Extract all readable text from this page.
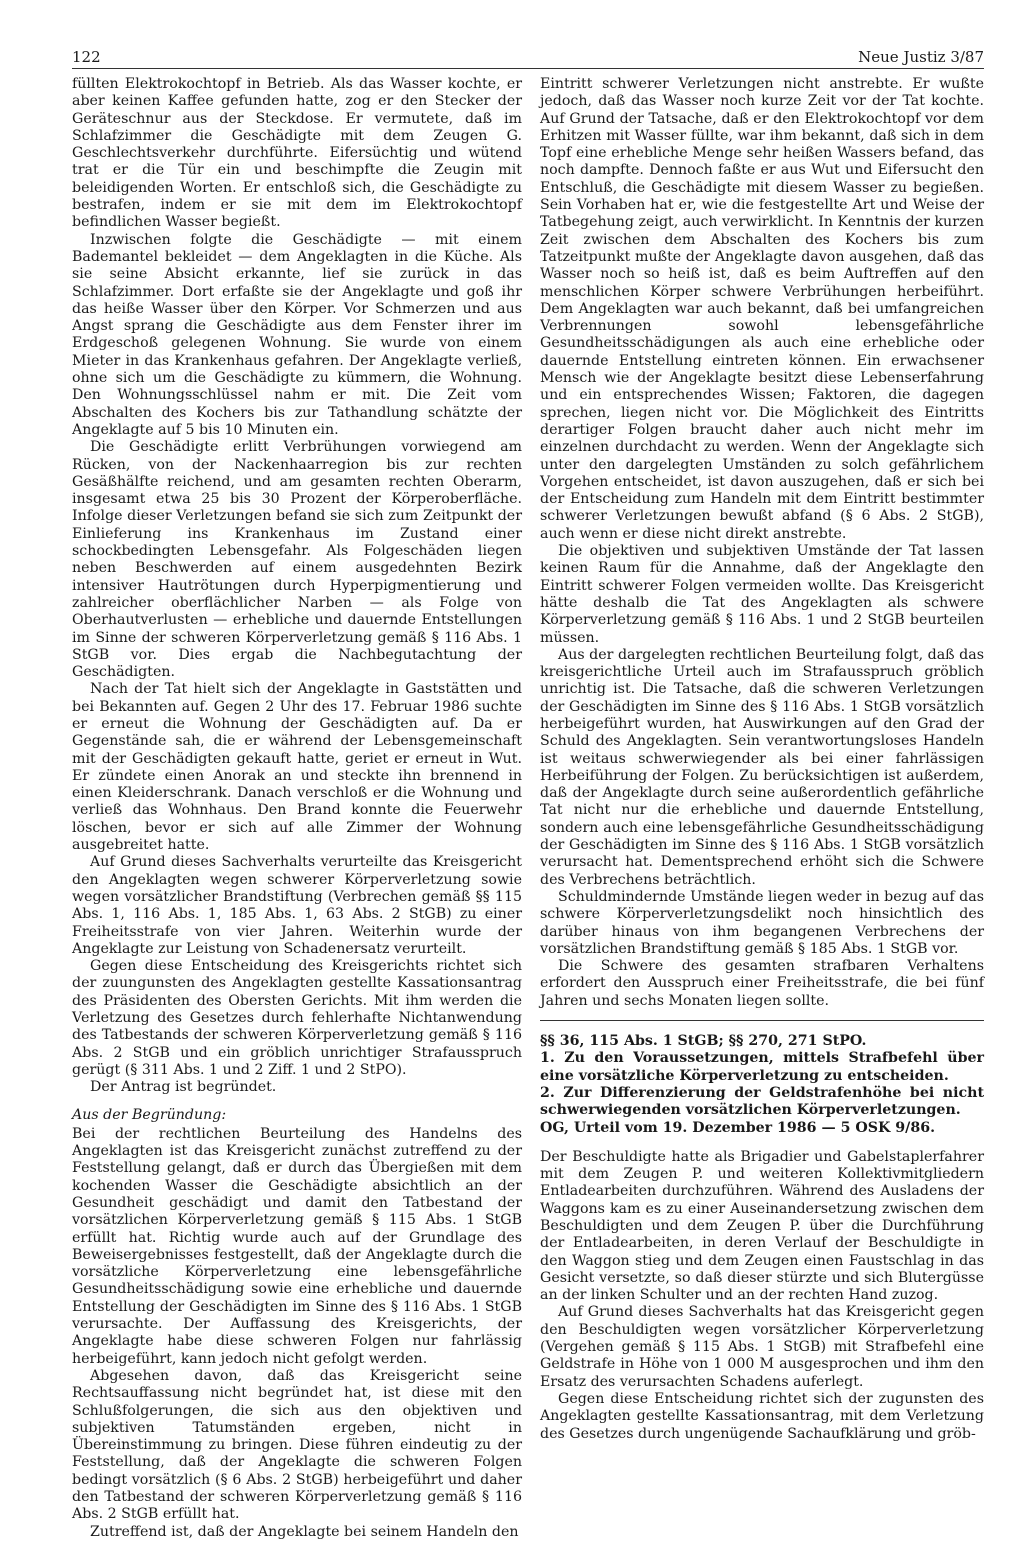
122	Neue Justiz 3/87

füllten Elektrokochtopf in Betrieb. Als das Wasser kochte, er aber keinen Kaffee gefunden hatte, zog er den Stecker der Geräteschnur aus der Steckdose. Er vermutete, daß im Schlafzimmer die Geschädigte mit dem Zeugen G. Geschlechtsverkehr durchführte. Eifersüchtig und wütend trat er die Tür ein und beschimpfte die Zeugin mit beleidigenden Worten. Er entschloß sich, die Geschädigte zu bestrafen, indem er sie mit dem im Elektrokochtopf befindlichen Wasser begießt.

Inzwischen folgte die Geschädigte — mit einem Bademantel bekleidet — dem Angeklagten in die Küche. Als sie seine Absicht erkannte, lief sie zurück in das Schlafzimmer. Dort erfaßte sie der Angeklagte und goß ihr das heiße Wasser über den Körper. Vor Schmerzen und aus Angst sprang die Geschädigte aus dem Fenster ihrer im Erdgeschoß gelegenen Wohnung. Sie wurde von einem Mieter in das Krankenhaus gefahren. Der Angeklagte verließ, ohne sich um die Geschädigte zu kümmern, die Wohnung. Den Wohnungsschlüssel nahm er mit. Die Zeit vom Abschalten des Kochers bis zur Tathandlung schätzte der Angeklagte auf 5 bis 10 Minuten ein.

Die Geschädigte erlitt Verbrühungen vorwiegend am Rücken, von der Nackenhaarregion bis zur rechten Gesäßhälfte reichend, und am gesamten rechten Oberarm, insgesamt etwa 25 bis 30 Prozent der Körperoberfläche. Infolge dieser Verletzungen befand sie sich zum Zeitpunkt der Einlieferung ins Krankenhaus im Zustand einer schockbedingten Lebensgefahr. Als Folgeschäden liegen neben Beschwerden auf einem ausgedehnten Bezirk intensiver Hautrötungen durch Hyperpigmentierung und zahlreicher oberflächlicher Narben — als Folge von Oberhautverlusten — erhebliche und dauernde Entstellungen im Sinne der schweren Körperverletzung gemäß § 116 Abs. 1 StGB vor. Dies ergab die Nachbegutachtung der Geschädigten.

Nach der Tat hielt sich der Angeklagte in Gaststätten und bei Bekannten auf. Gegen 2 Uhr des 17. Februar 1986 suchte er erneut die Wohnung der Geschädigten auf. Da er Gegenstände sah, die er während der Lebensgemeinschaft mit der Geschädigten gekauft hatte, geriet er erneut in Wut. Er zündete einen Anorak an und steckte ihn brennend in einen Kleiderschrank. Danach verschloß er die Wohnung und verließ das Wohnhaus. Den Brand konnte die Feuerwehr löschen, bevor er sich auf alle Zimmer der Wohnung ausgebreitet hatte.

Auf Grund dieses Sachverhalts verurteilte das Kreisgericht den Angeklagten wegen schwerer Körperverletzung sowie wegen vorsätzlicher Brandstiftung (Verbrechen gemäß §§ 115 Abs. 1, 116 Abs. 1, 185 Abs. 1, 63 Abs. 2 StGB) zu einer Freiheitsstrafe von vier Jahren. Weiterhin wurde der Angeklagte zur Leistung von Schadenersatz verurteilt.

Gegen diese Entscheidung des Kreisgerichts richtet sich der zuungunsten des Angeklagten gestellte Kassationsantrag des Präsidenten des Obersten Gerichts. Mit ihm werden die Verletzung des Gesetzes durch fehlerhafte Nichtanwendung des Tatbestands der schweren Körperverletzung gemäß § 116 Abs. 2 StGB und ein gröblich unrichtiger Strafausspruch gerügt (§ 311 Abs. 1 und 2 Ziff. 1 und 2 StPO).

Der Antrag ist begründet.

Aus der Begründung:

Bei der rechtlichen Beurteilung des Handelns des Angeklagten ist das Kreisgericht zunächst zutreffend zu der Feststellung gelangt, daß er durch das Übergießen mit dem kochenden Wasser die Geschädigte absichtlich an der Gesundheit geschädigt und damit den Tatbestand der vorsätzlichen Körperverletzung gemäß § 115 Abs. 1 StGB erfüllt hat. Richtig wurde auch auf der Grundlage des Beweisergebnisses festgestellt, daß der Angeklagte durch die vorsätzliche Körperverletzung eine lebensgefährliche Gesundheitsschädigung sowie eine erhebliche und dauernde Entstellung der Geschädigten im Sinne des § 116 Abs. 1 StGB verursachte. Der Auffassung des Kreisgerichts, der Angeklagte habe diese schweren Folgen nur fahrlässig herbeigeführt, kann jedoch nicht gefolgt werden.

Abgesehen davon, daß das Kreisgericht seine Rechtsauffassung nicht begründet hat, ist diese mit den Schlußfolgerungen, die sich aus den objektiven und subjektiven Tatumständen ergeben, nicht in Übereinstimmung zu bringen. Diese führen eindeutig zu der Feststellung, daß der Angeklagte die schweren Folgen bedingt vorsätzlich (§ 6 Abs. 2 StGB) herbeigeführt und daher den Tatbestand der schweren Körperverletzung gemäß § 116 Abs. 2 StGB erfüllt hat.

Zutreffend ist, daß der Angeklagte bei seinem Handeln den

Eintritt schwerer Verletzungen nicht anstrebte. Er wußte jedoch, daß das Wasser noch kurze Zeit vor der Tat kochte. Auf Grund der Tatsache, daß er den Elektrokochtopf vor dem Erhitzen mit Wasser füllte, war ihm bekannt, daß sich in dem Topf eine erhebliche Menge sehr heißen Wassers befand, das noch dampfte. Dennoch faßte er aus Wut und Eifersucht den Entschluß, die Geschädigte mit diesem Wasser zu begießen. Sein Vorhaben hat er, wie die festgestellte Art und Weise der Tatbegehung zeigt, auch verwirklicht. In Kenntnis der kurzen Zeit zwischen dem Abschalten des Kochers bis zum Tatzeitpunkt mußte der Angeklagte davon ausgehen, daß das Wasser noch so heiß ist, daß es beim Auftreffen auf den menschlichen Körper schwere Verbrühungen herbeiführt. Dem Angeklagten war auch bekannt, daß bei umfangreichen Verbrennungen sowohl lebensgefährliche Gesundheitsschädigungen als auch eine erhebliche oder dauernde Entstellung eintreten können. Ein erwachsener Mensch wie der Angeklagte besitzt diese Lebenserfahrung und ein entsprechendes Wissen; Faktoren, die dagegen sprechen, liegen nicht vor. Die Möglichkeit des Eintritts derartiger Folgen braucht daher auch nicht mehr im einzelnen durchdacht zu werden. Wenn der Angeklagte sich unter den dargelegten Umständen zu solch gefährlichem Vorgehen entscheidet, ist davon auszugehen, daß er sich bei der Entscheidung zum Handeln mit dem Eintritt bestimmter schwerer Verletzungen bewußt abfand (§ 6 Abs. 2 StGB), auch wenn er diese nicht direkt anstrebte.

Die objektiven und subjektiven Umstände der Tat lassen keinen Raum für die Annahme, daß der Angeklagte den Eintritt schwerer Folgen vermeiden wollte. Das Kreisgericht hätte deshalb die Tat des Angeklagten als schwere Körperverletzung gemäß § 116 Abs. 1 und 2 StGB beurteilen müssen.

Aus der dargelegten rechtlichen Beurteilung folgt, daß das kreisgerichtliche Urteil auch im Strafausspruch gröblich unrichtig ist. Die Tatsache, daß die schweren Verletzungen der Geschädigten im Sinne des § 116 Abs. 1 StGB vorsätzlich herbeigeführt wurden, hat Auswirkungen auf den Grad der Schuld des Angeklagten. Sein verantwortungsloses Handeln ist weitaus schwerwiegender als bei einer fahrlässigen Herbeiführung der Folgen. Zu berücksichtigen ist außerdem, daß der Angeklagte durch seine außerordentlich gefährliche Tat nicht nur die erhebliche und dauernde Entstellung, sondern auch eine lebensgefährliche Gesundheitsschädigung der Geschädigten im Sinne des § 116 Abs. 1 StGB vorsätzlich verursacht hat. Dementsprechend erhöht sich die Schwere des Verbrechens beträchtlich.

Schuldmindernde Umstände liegen weder in bezug auf das schwere Körperverletzungsdelikt noch hinsichtlich des darüber hinaus von ihm begangenen Verbrechens der vorsätzlichen Brandstiftung gemäß § 185 Abs. 1 StGB vor.

Die Schwere des gesamten strafbaren Verhaltens erfordert den Ausspruch einer Freiheitsstrafe, die bei fünf Jahren und sechs Monaten liegen sollte.

§§ 36, 115 Abs. 1 StGB; §§ 270, 271 StPO.

1. Zu den Voraussetzungen, mittels Strafbefehl über eine vorsätzliche Körperverletzung zu entscheiden.

2. Zur Differenzierung der Geldstrafenhöhe bei nicht schwerwiegenden vorsätzlichen Körperverletzungen.

OG, Urteil vom 19. Dezember 1986 — 5 OSK 9/86.

Der Beschuldigte hatte als Brigadier und Gabelstaplerfahrer mit dem Zeugen P. und weiteren Kollektivmitgliedern Entladearbeiten durchzuführen. Während des Ausladens der Waggons kam es zu einer Auseinandersetzung zwischen dem Beschuldigten und dem Zeugen P. über die Durchführung der Entladearbeiten, in deren Verlauf der Beschuldigte in den Waggon stieg und dem Zeugen einen Faustschlag in das Gesicht versetzte, so daß dieser stürzte und sich Blutergüsse an der linken Schulter und an der rechten Hand zuzog.

Auf Grund dieses Sachverhalts hat das Kreisgericht gegen den Beschuldigten wegen vorsätzlicher Körperverletzung (Vergehen gemäß § 115 Abs. 1 StGB) mit Strafbefehl eine Geldstrafe in Höhe von 1 000 M ausgesprochen und ihm den Ersatz des verursachten Schadens auferlegt.

Gegen diese Entscheidung richtet sich der zugunsten des Angeklagten gestellte Kassationsantrag, mit dem Verletzung des Gesetzes durch ungenügende Sachaufklärung und gröb-
